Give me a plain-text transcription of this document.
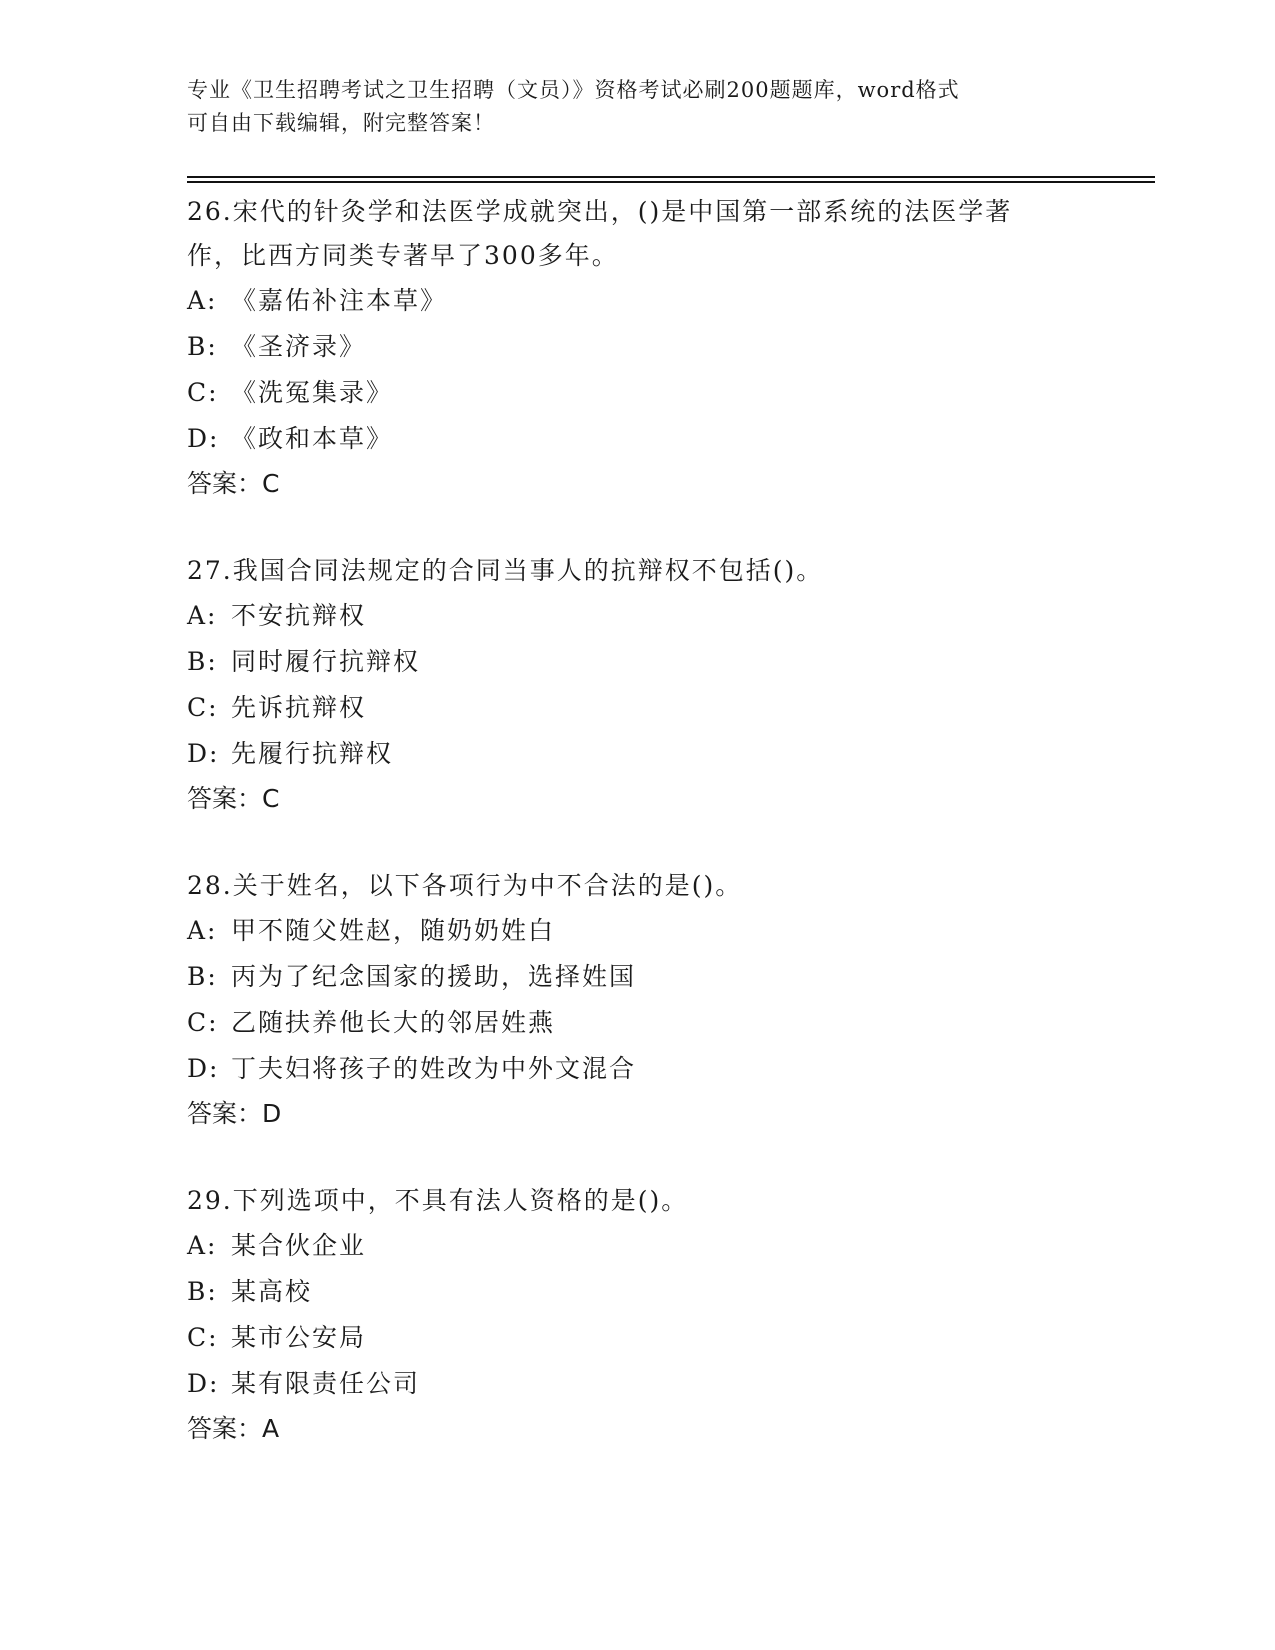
专业《卫生招聘考试之卫生招聘（文员）》资格考试必刷200题题库，word格式
可自由下载编辑，附完整答案！
26.宋代的针灸学和法医学成就突出，()是中国第一部系统的法医学著
作，比西方同类专著早了300多年。
A: 《嘉佑补注本草》
B: 《圣济录》
C: 《洗冤集录》
D: 《政和本草》
答案：C
27.我国合同法规定的合同当事人的抗辩权不包括()。
A: 不安抗辩权
B: 同时履行抗辩权
C: 先诉抗辩权
D: 先履行抗辩权
答案：C
28.关于姓名，以下各项行为中不合法的是()。
A: 甲不随父姓赵，随奶奶姓白
B: 丙为了纪念国家的援助，选择姓国
C: 乙随扶养他长大的邻居姓燕
D: 丁夫妇将孩子的姓改为中外文混合
答案：D
29.下列选项中，不具有法人资格的是()。
A: 某合伙企业
B: 某高校
C: 某市公安局
D: 某有限责任公司
答案：A
